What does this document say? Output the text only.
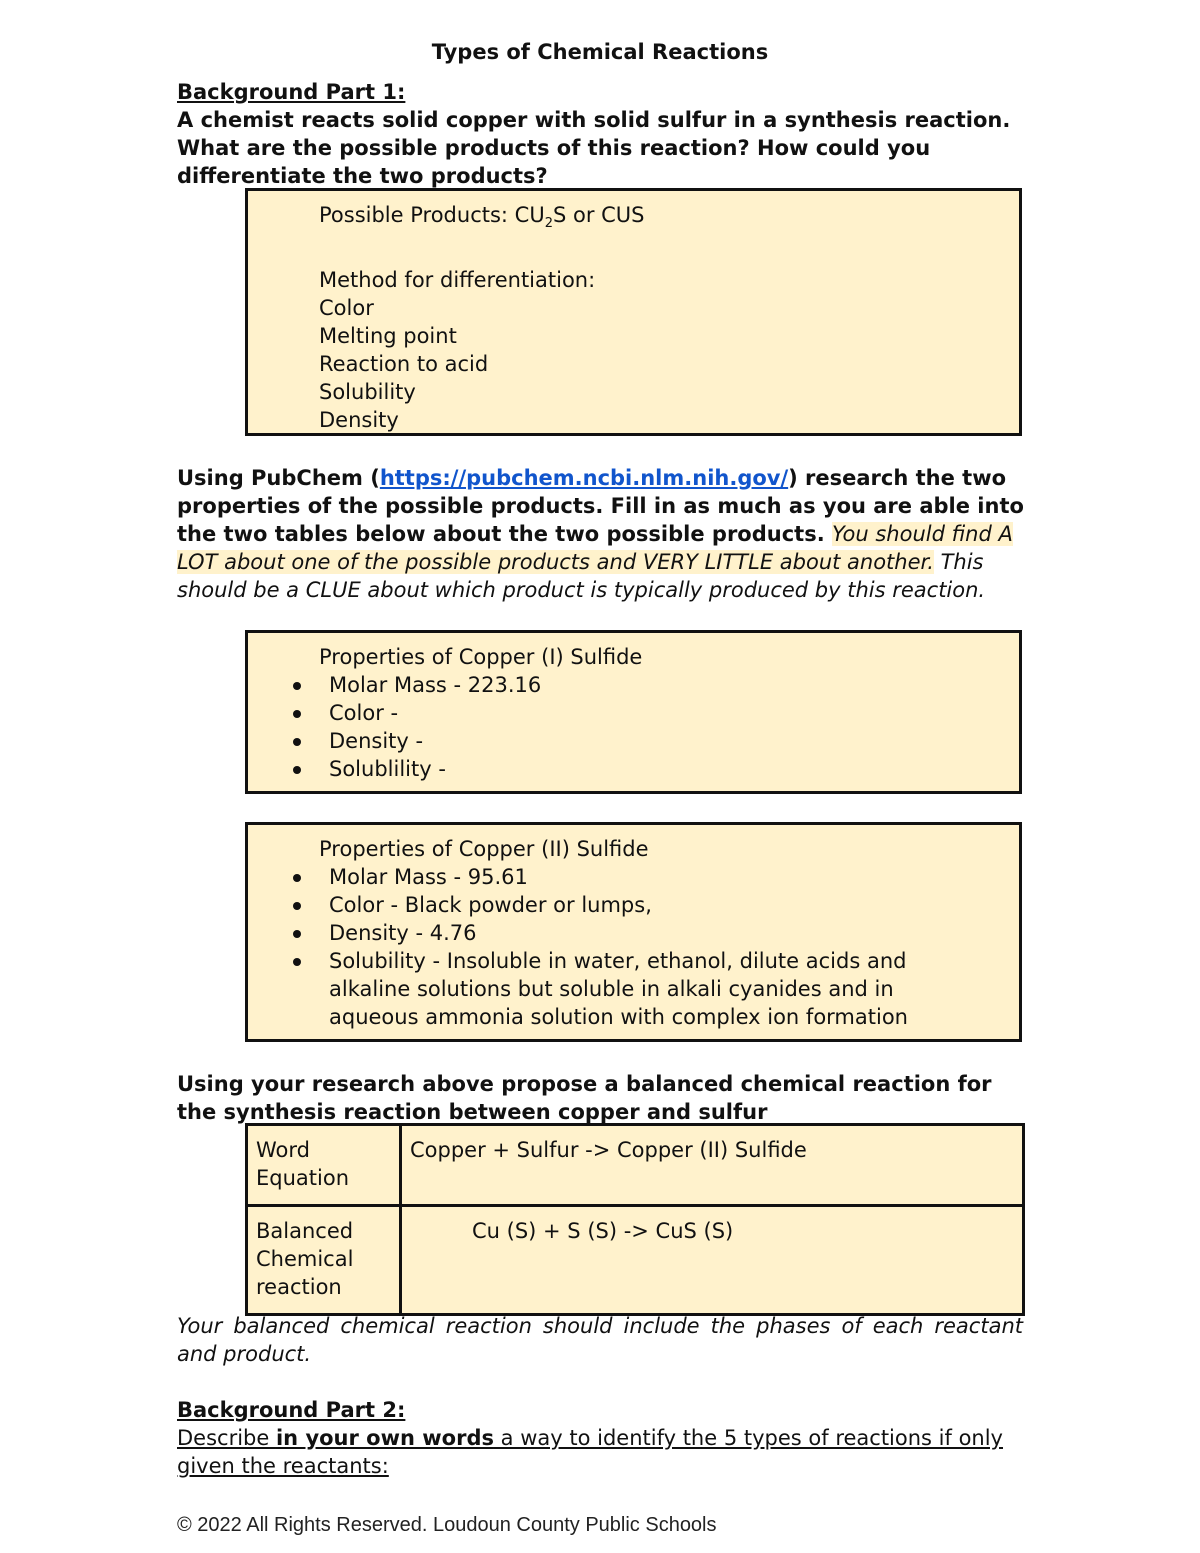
Types of Chemical Reactions
Background Part 1:
A chemist reacts solid copper with solid sulfur in a synthesis reaction. What are the possible products of this reaction? How could you differentiate the two products?
Possible Products: $CU_2S$ or CUS
Method for differentiation:
Color
Melting point
Reaction to acid
Solubility
Density
Using PubChem (https://pubchem.ncbi.nlm.nih.gov/) research the two properties of the possible products. Fill in as much as you are able into the two tables below about the two possible products. You should find A LOT about one of the possible products and VERY LITTLE about another. This should be a CLUE about which product is typically produced by this reaction.
Properties of Copper (I) Sulfide
Molar Mass - 223.16
Color -
Density -
Solublility -
Properties of Copper (II) Sulfide
Molar Mass - 95.61
Color - Black powder or lumps,
Density - 4.76
Solubility - Insoluble in water, ethanol, dilute acids and alkaline solutions but soluble in alkali cyanides and in aqueous ammonia solution with complex ion formation
Using your research above propose a balanced chemical reaction for the synthesis reaction between copper and sulfur
Word Equation	Copper + Sulfur -> Copper (II) Sulfide
Balanced Chemical reaction	Cu (S) + S (S) -> CuS (S)
Your balanced chemical reaction should include the phases of each reactant and product.
Background Part 2:
Describe in your own words a way to identify the 5 types of reactions if only given the reactants:
© 2022 All Rights Reserved. Loudoun County Public Schools
